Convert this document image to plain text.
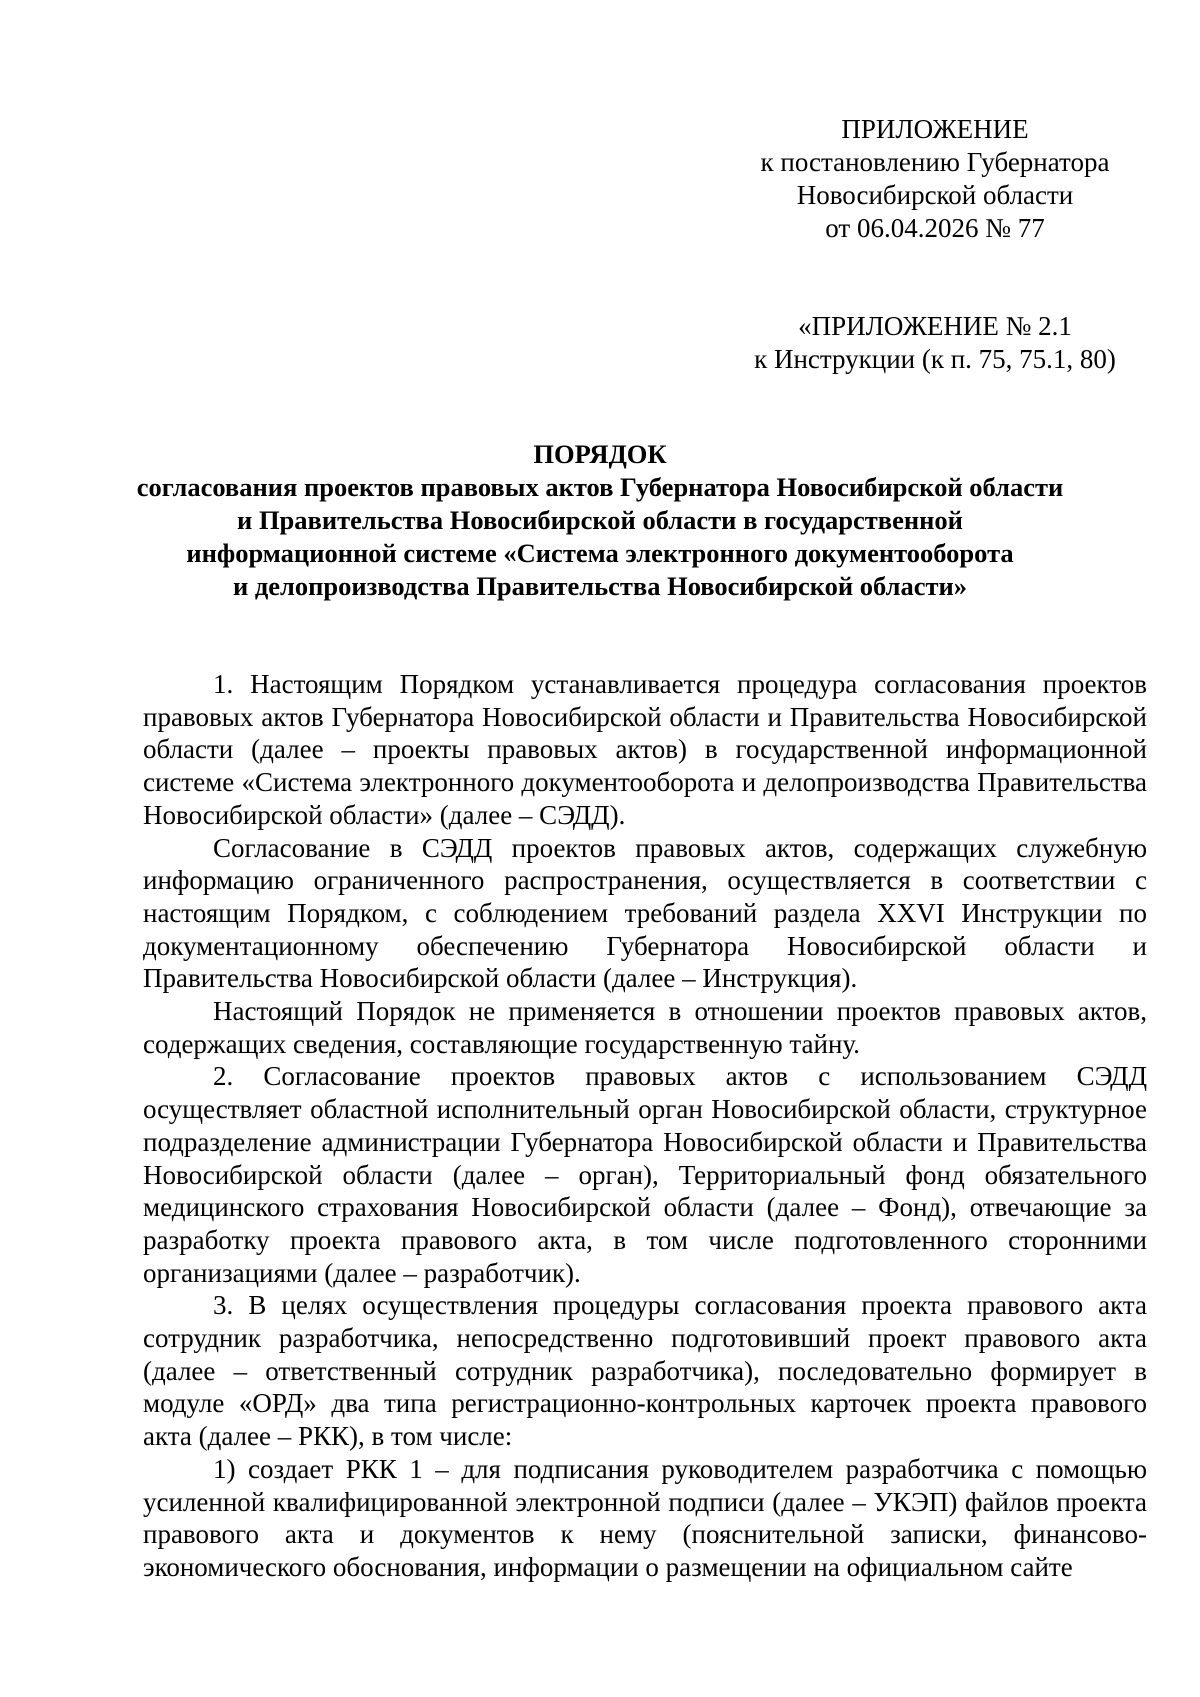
ПРИЛОЖЕНИЕ
к постановлению Губернатора
Новосибирской области
от 06.04.2026 № 77
«ПРИЛОЖЕНИЕ № 2.1
к Инструкции (к п. 75, 75.1, 80)
ПОРЯДОК
согласования проектов правовых актов Губернатора Новосибирской области
и Правительства Новосибирской области в государственной
информационной системе «Система электронного документооборота
и делопроизводства Правительства Новосибирской области»

1. Настоящим Порядком устанавливается процедура согласования проектов правовых актов Губернатора Новосибирской области и Правительства Новосибирской области (далее – проекты правовых актов) в государственной информационной системе «Система электронного документооборота и делопроизводства Правительства Новосибирской области» (далее – СЭДД).

Согласование в СЭДД проектов правовых актов, содержащих служебную информацию ограниченного распространения, осуществляется в соответствии с настоящим Порядком, с соблюдением требований раздела XXVI Инструкции по документационному обеспечению Губернатора Новосибирской области и Правительства Новосибирской области (далее – Инструкция).

Настоящий Порядок не применяется в отношении проектов правовых актов, содержащих сведения, составляющие государственную тайну.

2. Согласование проектов правовых актов с использованием СЭДД осуществляет областной исполнительный орган Новосибирской области, структурное подразделение администрации Губернатора Новосибирской области и Правительства Новосибирской области (далее – орган), Территориальный фонд обязательного медицинского страхования Новосибирской области (далее – Фонд), отвечающие за разработку проекта правового акта, в том числе подготовленного сторонними организациями (далее – разработчик).

3. В целях осуществления процедуры согласования проекта правового акта сотрудник разработчика, непосредственно подготовивший проект правового акта (далее – ответственный сотрудник разработчика), последовательно формирует в модуле «ОРД» два типа регистрационно-контрольных карточек проекта правового акта (далее – РКК), в том числе:

1) создает РКК 1 – для подписания руководителем разработчика с помощью усиленной квалифицированной электронной подписи (далее – УКЭП) файлов проекта правового акта и документов к нему (пояснительной записки, финансово-экономического обоснования, информации о размещении на официальном сайте
